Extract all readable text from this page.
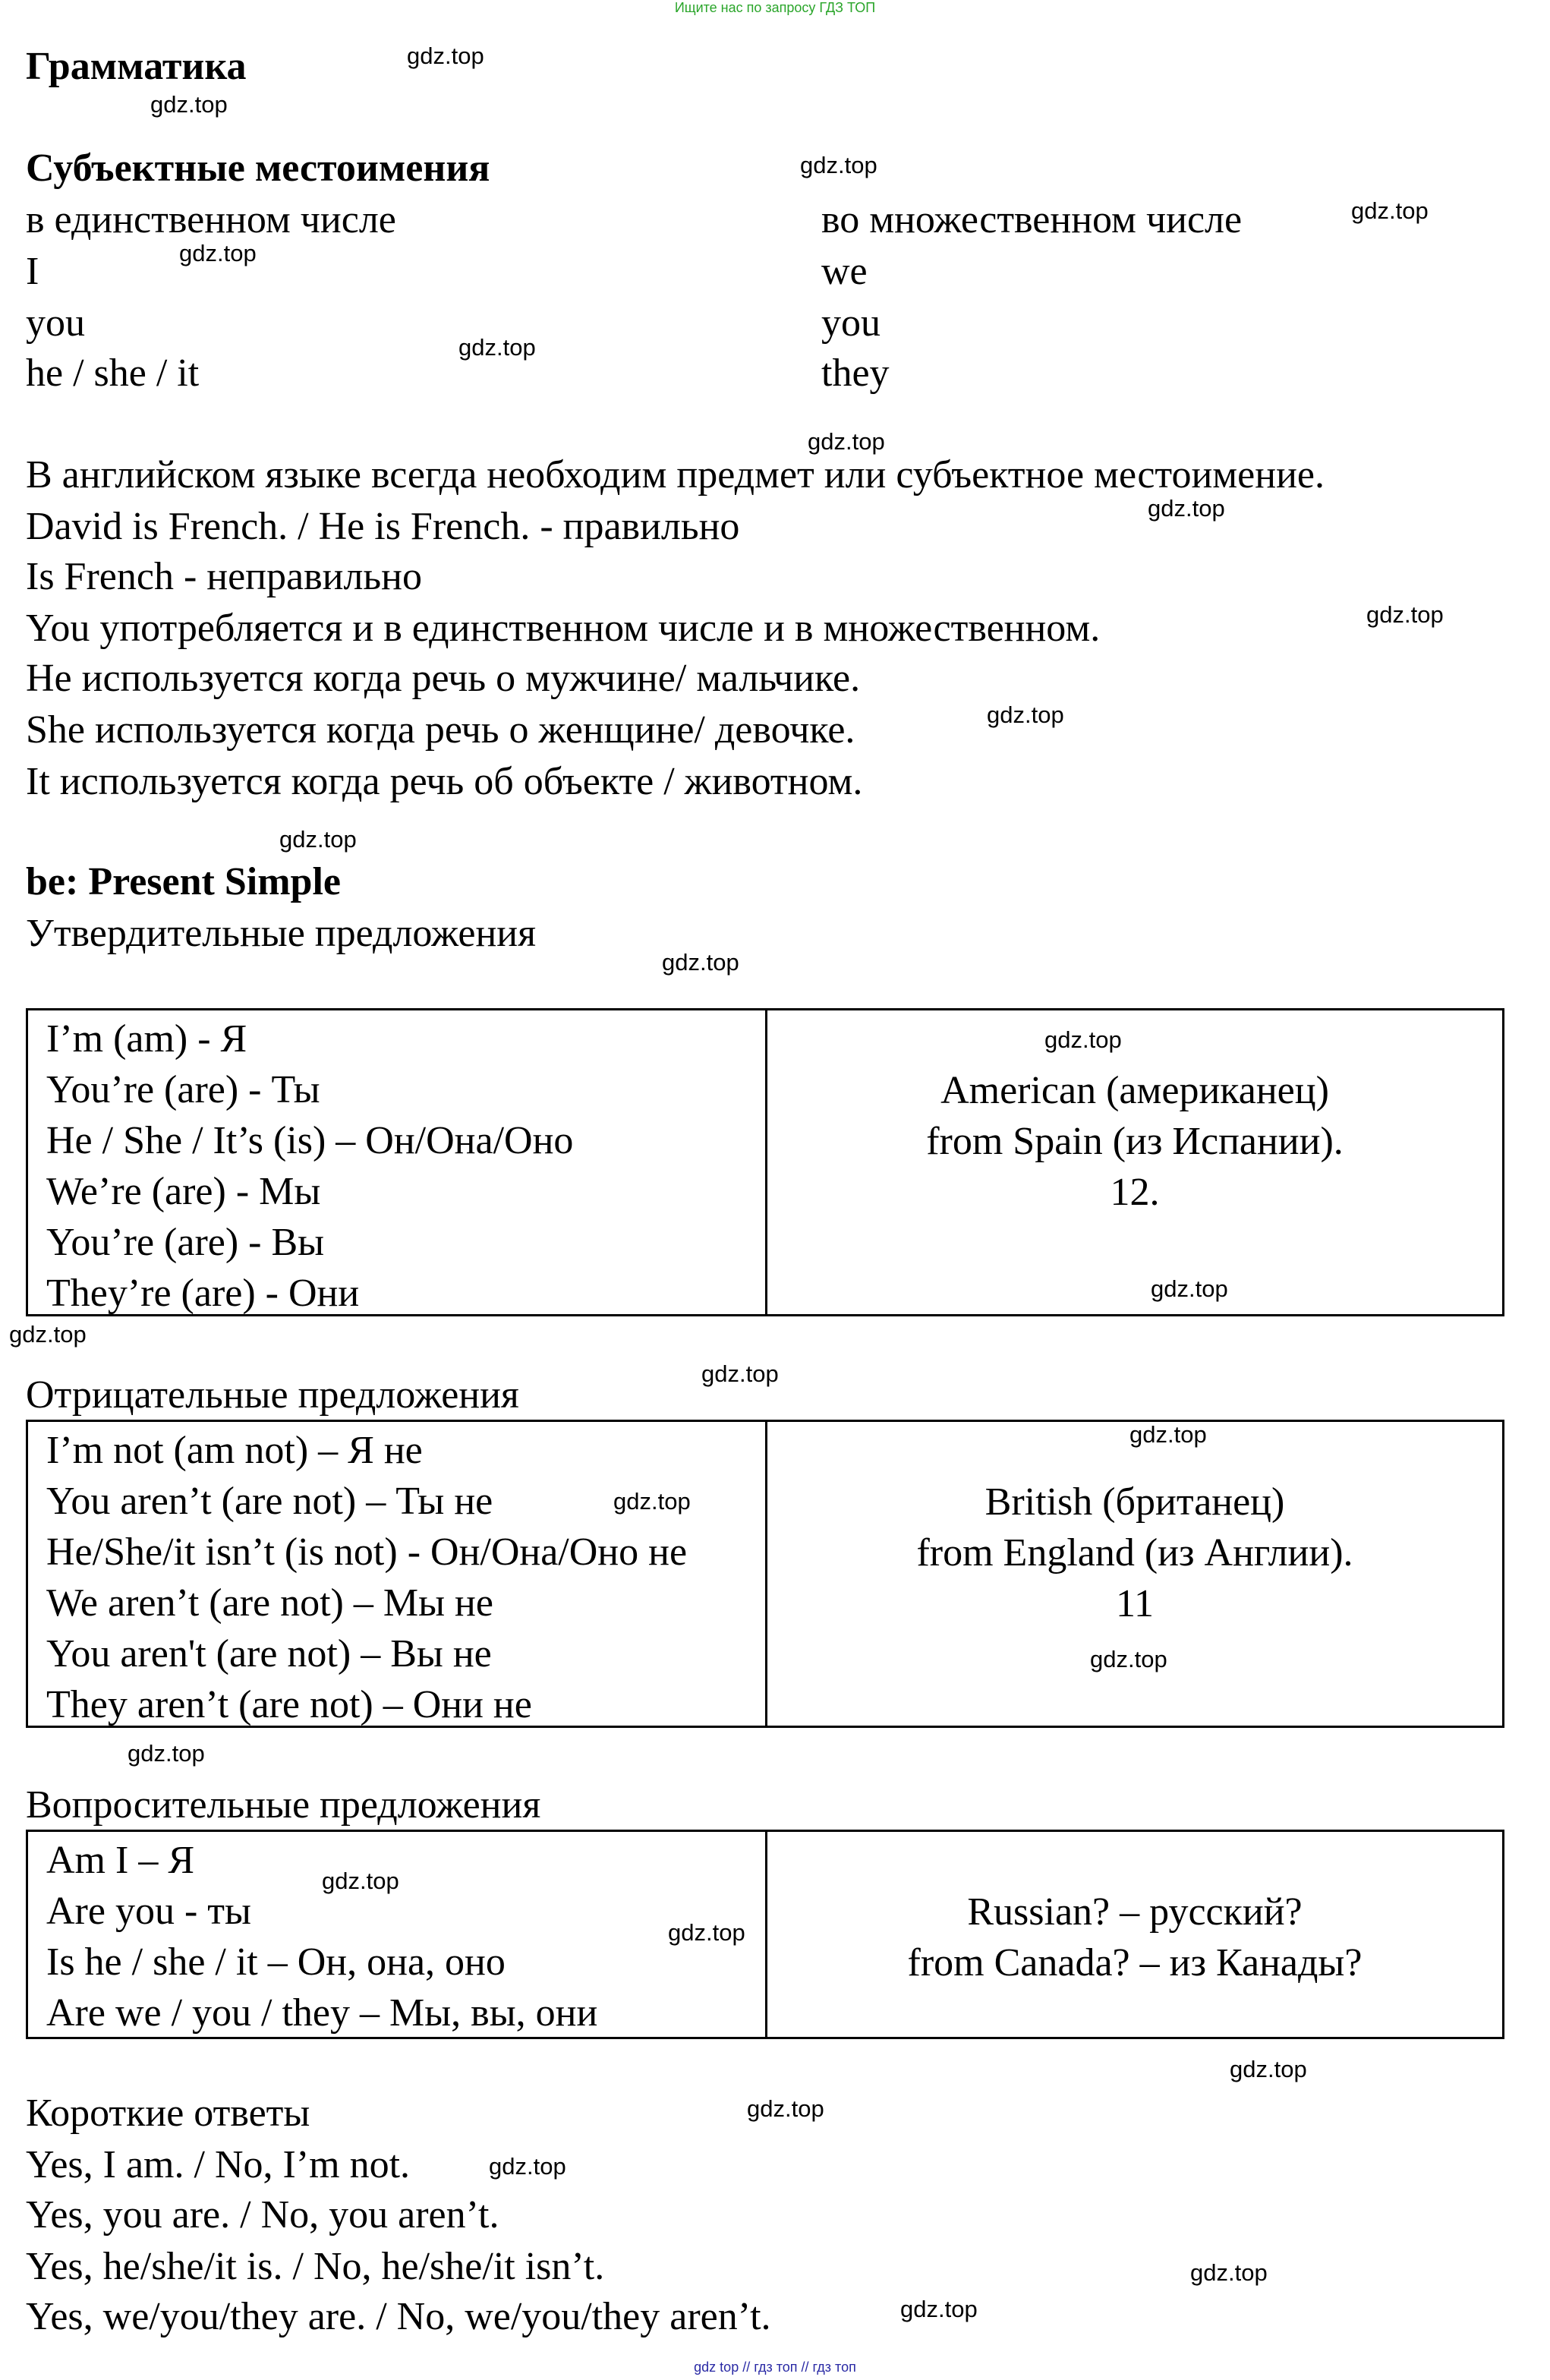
Ищите нас по запросу ГДЗ ТОП
Грамматика
Субъектные местоимения
в единственном числе	во множественном числе
I
you
he / she / it
we
you
they
В английском языке всегда необходим предмет или субъектное местоимение.
David is French. / He is French. - правильно
Is French - неправильно
You употребляется и в единственном числе и в множественном.
He используется когда речь о мужчине/ мальчике.
She используется когда речь о женщине/ девочке.
It используется когда речь об объекте / животном.
be: Present Simple
Утвердительные предложения
I’m (am) - Я
You’re (are) - Ты
He / She / It’s (is) – Он/Она/Оно
We’re (are) - Мы
You’re (are) - Вы
They’re (are) - Они
American (американец)
from Spain (из Испании).
12.
Отрицательные предложения
I’m not (am not) – Я не
You aren’t (are not) – Ты не
He/She/it isn’t (is not) - Он/Она/Оно не
We aren’t (are not) – Мы не
You aren't (are not) – Вы не
They aren’t (are not) – Они не
British (британец)
from England (из Англии).
11
Вопросительные предложения
Am I – Я
Are you - ты
Is he / she / it – Он, она, оно
Are we / you / they – Мы, вы, они
Russian? – русский?
from Canada? – из Канады?
Короткие ответы
Yes, I am. / No, I’m not.
Yes, you are. / No, you aren’t.
Yes, he/she/it is. / No, he/she/it isn’t.
Yes, we/you/they are. / No, we/you/they aren’t.
gdz.top
gdz.top
gdz.top
gdz.top
gdz.top
gdz.top
gdz.top
gdz.top
gdz.top
gdz.top
gdz.top
gdz.top
gdz.top
gdz.top
gdz.top
gdz.top
gdz.top
gdz.top
gdz.top
gdz.top
gdz.top
gdz.top
gdz.top
gdz.top
gdz.top
gdz.top
gdz.top
gdz top // гдз топ // гдз топ
